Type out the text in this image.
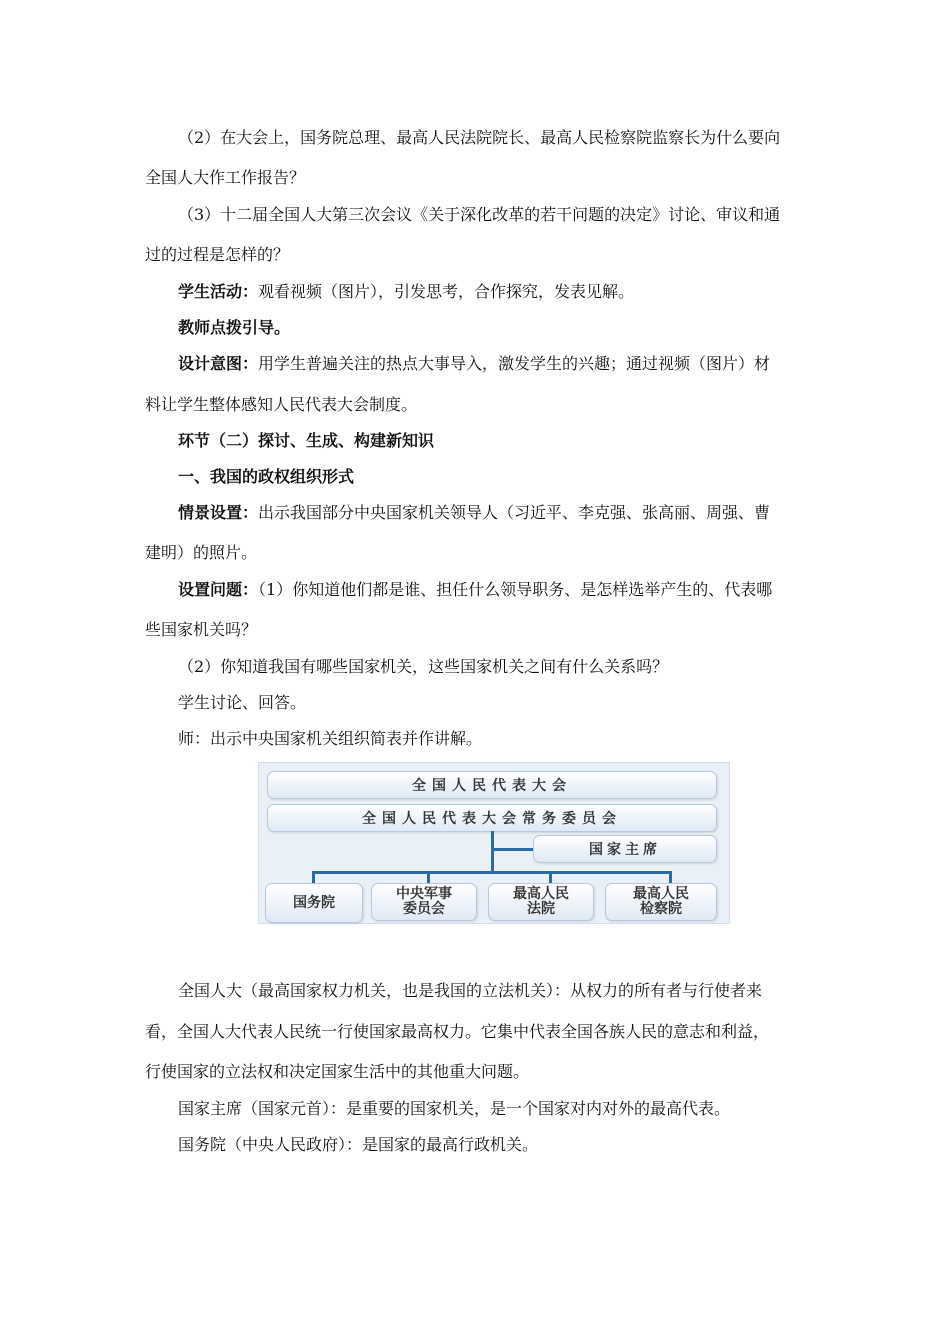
（2）在大会上，国务院总理、最高人民法院院长、最高人民检察院监察长为什么要向
全国人大作工作报告？
（3）十二届全国人大第三次会议《关于深化改革的若干问题的决定》讨论、审议和通
过的过程是怎样的？
学生活动：观看视频（图片），引发思考，合作探究，发表见解。
教师点拨引导。
设计意图：用学生普遍关注的热点大事导入，激发学生的兴趣；通过视频（图片）材
料让学生整体感知人民代表大会制度。
环节（二）探讨、生成、构建新知识
一、我国的政权组织形式
情景设置：出示我国部分中央国家机关领导人（习近平、李克强、张高丽、周强、曹
建明）的照片。
设置问题：（1）你知道他们都是谁、担任什么领导职务、是怎样选举产生的、代表哪
些国家机关吗？
（2）你知道我国有哪些国家机关，这些国家机关之间有什么关系吗？
学生讨论、回答。
师：出示中央国家机关组织简表并作讲解。
全国人民代表大会
全国人民代表大会常务委员会
国家主席
国务院
中央军事委员会
最高人民法院
最高人民检察院
全国人大（最高国家权力机关，也是我国的立法机关）：从权力的所有者与行使者来
看，全国人大代表人民统一行使国家最高权力。它集中代表全国各族人民的意志和利益，
行使国家的立法权和决定国家生活中的其他重大问题。
国家主席（国家元首）：是重要的国家机关，是一个国家对内对外的最高代表。
国务院（中央人民政府）：是国家的最高行政机关。
